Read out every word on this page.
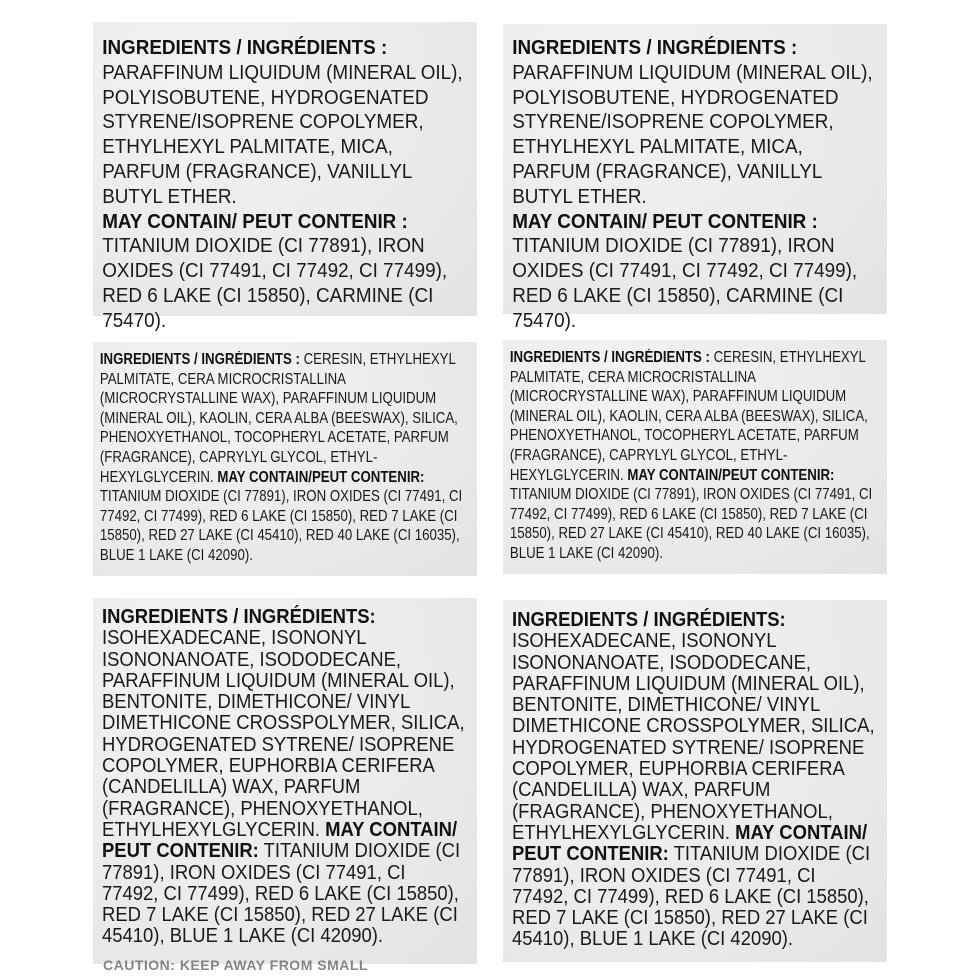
INGREDIENTS / INGRÉDIENTS :
PARAFFINUM LIQUIDUM (MINERAL OIL), POLYISOBUTENE, HYDROGENATED STYRENE/ISOPRENE COPOLYMER, ETHYLHEXYL PALMITATE, MICA, PARFUM (FRAGRANCE), VANILLYL BUTYL ETHER.
MAY CONTAIN/ PEUT CONTENIR :
TITANIUM DIOXIDE (CI 77891), IRON OXIDES (CI 77491, CI 77492, CI 77499), RED 6 LAKE (CI 15850), CARMINE (CI 75470).
INGREDIENTS / INGRÉDIENTS :
PARAFFINUM LIQUIDUM (MINERAL OIL), POLYISOBUTENE, HYDROGENATED STYRENE/ISOPRENE COPOLYMER, ETHYLHEXYL PALMITATE, MICA, PARFUM (FRAGRANCE), VANILLYL BUTYL ETHER.
MAY CONTAIN/ PEUT CONTENIR :
TITANIUM DIOXIDE (CI 77891), IRON OXIDES (CI 77491, CI 77492, CI 77499), RED 6 LAKE (CI 15850), CARMINE (CI 75470).
INGREDIENTS / INGRÉDIENTS : CERESIN, ETHYLHEXYL PALMITATE, CERA MICROCRISTALLINA (MICROCRYSTALLINE WAX), PARAFFINUM LIQUIDUM (MINERAL OIL), KAOLIN, CERA ALBA (BEESWAX), SILICA, PHENOXYETHANOL, TOCOPHERYL ACETATE, PARFUM (FRAGRANCE), CAPRYLYL GLYCOL, ETHYL-HEXYLGLYCERIN. MAY CONTAIN/PEUT CONTENIR: TITANIUM DIOXIDE (CI 77891), IRON OXIDES (CI 77491, CI 77492, CI 77499), RED 6 LAKE (CI 15850), RED 7 LAKE (CI 15850), RED 27 LAKE (CI 45410), RED 40 LAKE (CI 16035), BLUE 1 LAKE (CI 42090).
INGREDIENTS / INGRÉDIENTS : CERESIN, ETHYLHEXYL PALMITATE, CERA MICROCRISTALLINA (MICROCRYSTALLINE WAX), PARAFFINUM LIQUIDUM (MINERAL OIL), KAOLIN, CERA ALBA (BEESWAX), SILICA, PHENOXYETHANOL, TOCOPHERYL ACETATE, PARFUM (FRAGRANCE), CAPRYLYL GLYCOL, ETHYL-HEXYLGLYCERIN. MAY CONTAIN/PEUT CONTENIR: TITANIUM DIOXIDE (CI 77891), IRON OXIDES (CI 77491, CI 77492, CI 77499), RED 6 LAKE (CI 15850), RED 7 LAKE (CI 15850), RED 27 LAKE (CI 45410), RED 40 LAKE (CI 16035), BLUE 1 LAKE (CI 42090).
INGREDIENTS / INGRÉDIENTS:
ISOHEXADECANE, ISONONYL ISONONANOATE, ISODODECANE, PARAFFINUM LIQUIDUM (MINERAL OIL), BENTONITE, DIMETHICONE/ VINYL DIMETHICONE CROSSPOLYMER, SILICA, HYDROGENATED SYTRENE/ ISOPRENE COPOLYMER, EUPHORBIA CERIFERA (CANDELILLA) WAX, PARFUM (FRAGRANCE), PHENOXYETHANOL, ETHYLHEXYLGLYCERIN. MAY CONTAIN/ PEUT CONTENIR: TITANIUM DIOXIDE (CI 77891), IRON OXIDES (CI 77491, CI 77492, CI 77499), RED 6 LAKE (CI 15850), RED 7 LAKE (CI 15850), RED 27 LAKE (CI 45410), BLUE 1 LAKE (CI 42090).
CAUTION: KEEP AWAY FROM SMALL
INGREDIENTS / INGRÉDIENTS:
ISOHEXADECANE, ISONONYL ISONONANOATE, ISODODECANE, PARAFFINUM LIQUIDUM (MINERAL OIL), BENTONITE, DIMETHICONE/ VINYL DIMETHICONE CROSSPOLYMER, SILICA, HYDROGENATED SYTRENE/ ISOPRENE COPOLYMER, EUPHORBIA CERIFERA (CANDELILLA) WAX, PARFUM (FRAGRANCE), PHENOXYETHANOL, ETHYLHEXYLGLYCERIN. MAY CONTAIN/ PEUT CONTENIR: TITANIUM DIOXIDE (CI 77891), IRON OXIDES (CI 77491, CI 77492, CI 77499), RED 6 LAKE (CI 15850), RED 7 LAKE (CI 15850), RED 27 LAKE (CI 45410), BLUE 1 LAKE (CI 42090).
